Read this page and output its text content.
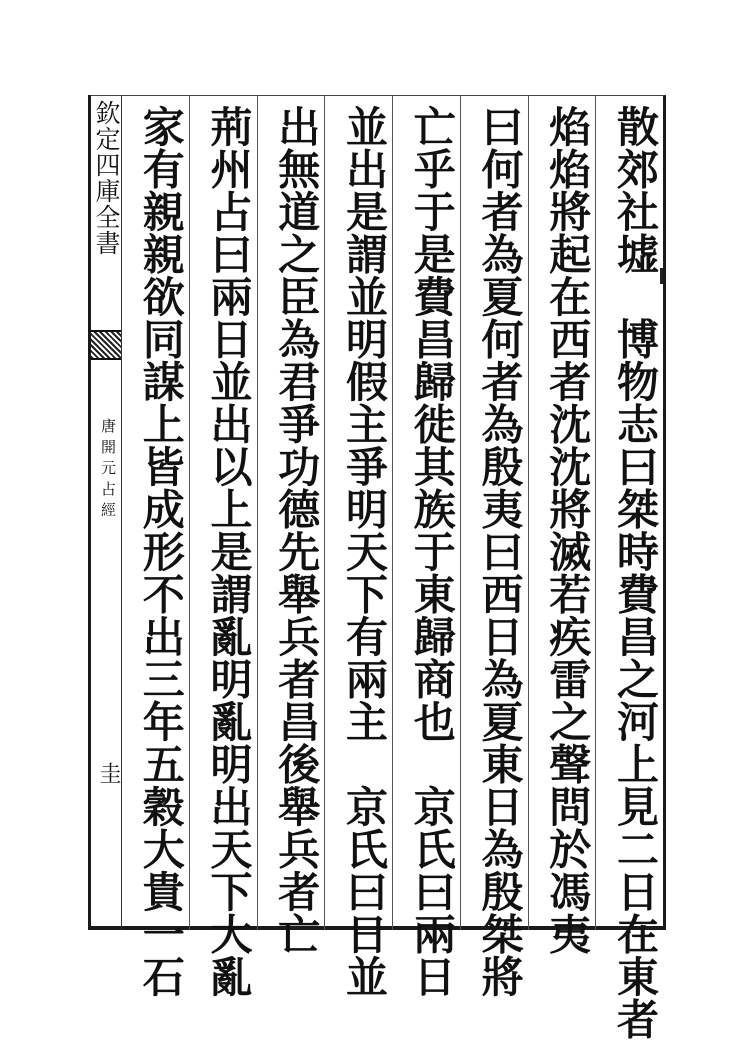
欽定四庫全書
唐開元占經
圭	散郊社墟　博物志曰桀時費昌之河上見二日在東者
焰焰將起在西者沈沈將滅若疾雷之聲問於馮夷
曰何者為夏何者為殷夷曰西日為夏東日為殷桀將
亡乎于是費昌歸徙其族于東歸商也　京氏曰兩日
並出是謂並明假主爭明天下有兩主　京氏曰日並
出無道之臣為君爭功德先舉兵者昌後舉兵者亡
荊州占曰兩日並出以上是謂亂明亂明出天下大亂
家有親親欲同謀上皆成形不出三年五穀大貴一石
